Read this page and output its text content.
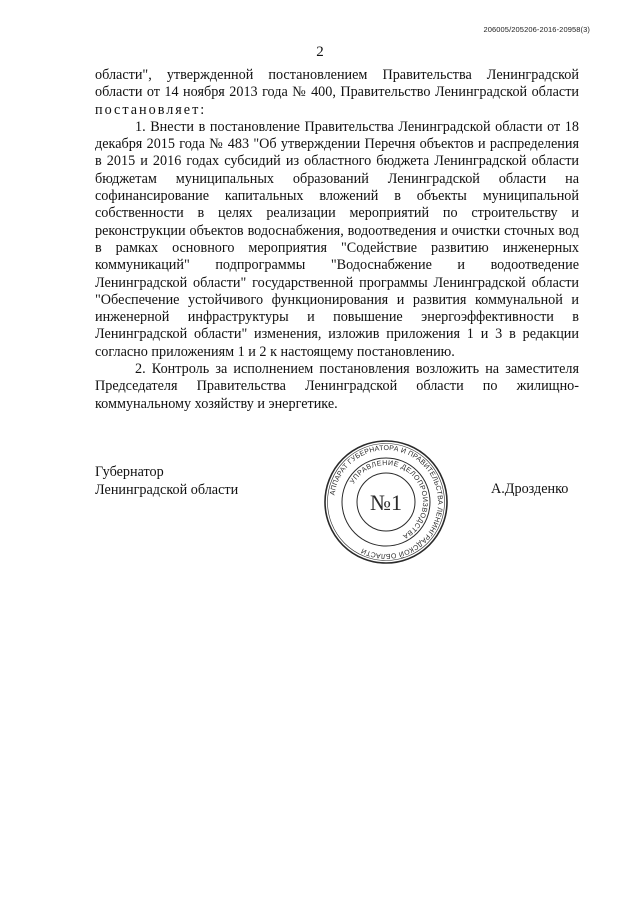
206005/205206-2016-20958(3)
2

области", утвержденной постановлением Правительства Ленинградской области от 14 ноября 2013 года № 400, Правительство Ленинградской области постановляет:

1. Внести в постановление Правительства Ленинградской области от 18 декабря 2015 года № 483 "Об утверждении Перечня объектов и распределения в 2015 и 2016 годах субсидий из областного бюджета Ленинградской области бюджетам муниципальных образований Ленинградской области на софинансирование капитальных вложений в объекты муниципальной собственности в целях реализации мероприятий по строительству и реконструкции объектов водоснабжения, водоотведения и очистки сточных вод в рамках основного мероприятия "Содействие развитию инженерных коммуникаций" подпрограммы "Водоснабжение и водоотведение Ленинградской области" государственной программы Ленинградской области "Обеспечение устойчивого функционирования и развития коммунальной и инженерной инфраструктуры и повышение энергоэффективности в Ленинградской области" изменения, изложив приложения 1 и 3 в редакции согласно приложениям 1 и 2 к настоящему постановлению.

2. Контроль за исполнением постановления возложить на заместителя Председателя Правительства Ленинградской области по жилищно-коммунальному хозяйству и энергетике.

Губернатор
Ленинградской области	А.Дрозденко
АППАРАТ ГУБЕРНАТОРА И ПРАВИТЕЛЬСТВА ЛЕНИНГРАДСКОЙ ОБЛАСТИ
УПРАВЛЕНИЕ ДЕЛОПРОИЗВОДСТВА
№1
